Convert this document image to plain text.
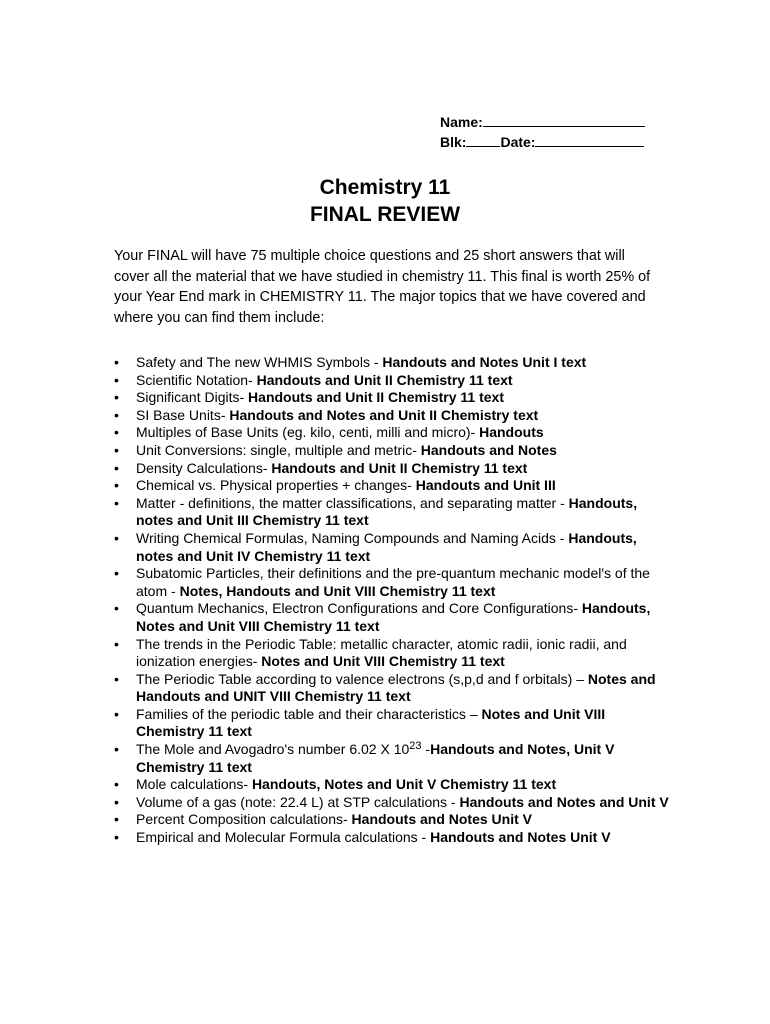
Name:
Blk: Date:
Chemistry 11
FINAL REVIEW

Your FINAL will have 75 multiple choice questions and 25 short answers that will cover all the material that we have studied in chemistry 11. This final is worth 25% of your Year End mark in CHEMISTRY 11. The major topics that we have covered and where you can find them include:

• Safety and The new WHMIS Symbols - Handouts and Notes Unit I text
• Scientific Notation- Handouts and Unit II Chemistry 11 text
• Significant Digits- Handouts and Unit II Chemistry 11 text
• SI Base Units- Handouts and Notes and Unit II Chemistry text
• Multiples of Base Units (eg. kilo, centi, milli and micro)- Handouts
• Unit Conversions: single, multiple and metric- Handouts and Notes
• Density Calculations- Handouts and Unit II Chemistry 11 text
• Chemical vs. Physical properties + changes- Handouts and Unit III
• Matter - definitions, the matter classifications, and separating matter - Handouts, notes and Unit III Chemistry 11 text
• Writing Chemical Formulas, Naming Compounds and Naming Acids - Handouts, notes and Unit IV Chemistry 11 text
• Subatomic Particles, their definitions and the pre-quantum mechanic model's of the atom - Notes, Handouts and Unit VIII Chemistry 11 text
• Quantum Mechanics, Electron Configurations and Core Configurations- Handouts, Notes and Unit VIII Chemistry 11 text
• The trends in the Periodic Table: metallic character, atomic radii, ionic radii, and ionization energies- Notes and Unit VIII Chemistry 11 text
• The Periodic Table according to valence electrons (s,p,d and f orbitals) – Notes and Handouts and UNIT VIII Chemistry 11 text
• Families of the periodic table and their characteristics – Notes and Unit VIII Chemistry 11 text
• The Mole and Avogadro's number 6.02 X $10^{23}$ -Handouts and Notes, Unit V Chemistry 11 text
• Mole calculations- Handouts, Notes and Unit V Chemistry 11 text
• Volume of a gas (note: 22.4 L) at STP calculations - Handouts and Notes and Unit V
• Percent Composition calculations- Handouts and Notes Unit V
• Empirical and Molecular Formula calculations - Handouts and Notes Unit V
